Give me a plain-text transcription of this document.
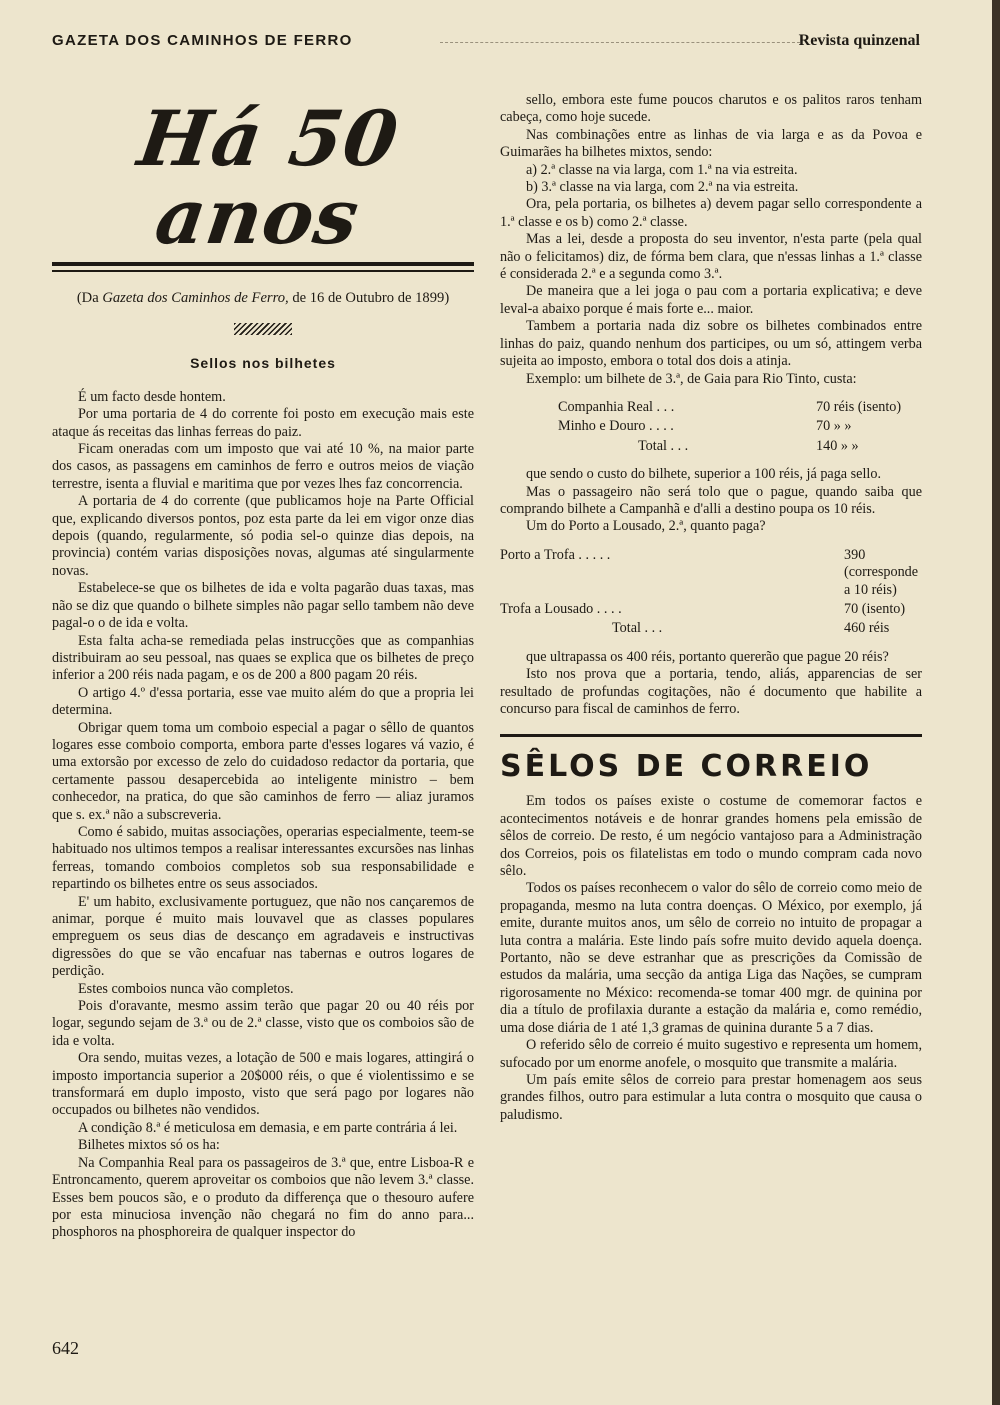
GAZETA DOS CAMINHOS DE FERRO	Revista quinzenal
Há 50 anos
(Da Gazeta dos Caminhos de Ferro, de 16 de Outubro de 1899)
Sellos nos bilhetes

É um facto desde hontem.

Por uma portaria de 4 do corrente foi posto em execução mais este ataque ás receitas das linhas ferreas do paiz.

Ficam oneradas com um imposto que vai até 10 %, na maior parte dos casos, as passagens em caminhos de ferro e outros meios de viação terrestre, isenta a fluvial e maritima que por vezes lhes faz concorrencia.

A portaria de 4 do corrente (que publicamos hoje na Parte Official que, explicando diversos pontos, poz esta parte da lei em vigor onze dias depois (quando, regularmente, só podia sel-o quinze dias depois, na provincia) contém varias disposições novas, algumas até singularmente novas.

Estabelece-se que os bilhetes de ida e volta pagarão duas taxas, mas não se diz que quando o bilhete simples não pagar sello tambem não deve pagal-o o de ida e volta.

Esta falta acha-se remediada pelas instrucções que as companhias distribuiram ao seu pessoal, nas quaes se explica que os bilhetes de preço inferior a 200 réis nada pagam, e os de 200 a 800 pagam 20 réis.

O artigo 4.º d'essa portaria, esse vae muito além do que a propria lei determina.

Obrigar quem toma um comboio especial a pagar o sêllo de quantos logares esse comboio comporta, embora parte d'esses logares vá vazio, é uma extorsão por excesso de zelo do cuidadoso redactor da portaria, que certamente passou desapercebida ao inteligente ministro – bem conhecedor, na pratica, do que são caminhos de ferro — aliaz juramos que s. ex.ª não a subscreveria.

Como é sabido, muitas associações, operarias especialmente, teem-se habituado nos ultimos tempos a realisar interessantes excursões nas linhas ferreas, tomando comboios completos sob sua responsabilidade e repartindo os bilhetes entre os seus associados.

E' um habito, exclusivamente portuguez, que não nos cançaremos de animar, porque é muito mais louvavel que as classes populares empreguem os seus dias de descanço em agradaveis e instructivas digressões do que se vão encafuar nas tabernas e outros logares de perdição.

Estes comboios nunca vão completos.

Pois d'oravante, mesmo assim terão que pagar 20 ou 40 réis por logar, segundo sejam de 3.ª ou de 2.ª classe, visto que os comboios são de ida e volta.

Ora sendo, muitas vezes, a lotação de 500 e mais logares, attingirá o imposto importancia superior a 20$000 réis, o que é violentissimo e se transformará em duplo imposto, visto que será pago por logares não occupados ou bilhetes não vendidos.

A condição 8.ª é meticulosa em demasia, e em parte contrária á lei.

Bilhetes mixtos só os ha:

Na Companhia Real para os passageiros de 3.ª que, entre Lisboa-R e Entroncamento, querem aproveitar os comboios que não levem 3.ª classe. Esses bem poucos são, e o produto da differença que o thesouro aufere por esta minuciosa invenção não chegará no fim do anno para... phosphoros na phosphoreira de qualquer inspector do

sello, embora este fume poucos charutos e os palitos raros tenham cabeça, como hoje sucede.

Nas combinações entre as linhas de via larga e as da Povoa e Guimarães ha bilhetes mixtos, sendo:

a) 2.ª classe na via larga, com 1.ª na via estreita.

b) 3.ª classe na via larga, com 2.ª na via estreita.

Ora, pela portaria, os bilhetes a) devem pagar sello correspondente a 1.ª classe e os b) como 2.ª classe.

Mas a lei, desde a proposta do seu inventor, n'esta parte (pela qual não o felicitamos) diz, de fórma bem clara, que n'essas linhas a 1.ª classe é considerada 2.ª e a segunda como 3.ª.

De maneira que a lei joga o pau com a portaria explicativa; e deve leval-a abaixo porque é mais forte e... maior.

Tambem a portaria nada diz sobre os bilhetes combinados entre linhas do paiz, quando nenhum dos participes, ou um só, attingem verba sujeita ao imposto, embora o total dos dois a atinja.

Exemplo: um bilhete de 3.ª, de Gaia para Rio Tinto, custa:

Companhia Real . . .	70 réis (isento)
Minho e Douro . . . .	70 » »
Total . . .	140 » »

que sendo o custo do bilhete, superior a 100 réis, já paga sello.

Mas o passageiro não será tolo que o pague, quando saiba que comprando bilhete a Campanhã e d'alli a destino poupa os 10 réis.

Um do Porto a Lousado, 2.ª, quanto paga?

Porto a Trofa . . . . .	390 (corresponde a 10 réis)
Trofa a Lousado . . . .	70 (isento)
Total . . .	460 réis

que ultrapassa os 400 réis, portanto quererão que pague 20 réis?

Isto nos prova que a portaria, tendo, aliás, apparencias de ser resultado de profundas cogitações, não é documento que habilite a concurso para fiscal de caminhos de ferro.

SÊLOS DE CORREIO

Em todos os países existe o costume de comemorar factos e acontecimentos notáveis e de honrar grandes homens pela emissão de sêlos de correio. De resto, é um negócio vantajoso para a Administração dos Correios, pois os filatelistas em todo o mundo compram cada novo sêlo.

Todos os países reconhecem o valor do sêlo de correio como meio de propaganda, mesmo na luta contra doenças. O México, por exemplo, já emite, durante muitos anos, um sêlo de correio no intuito de propagar a luta contra a malária. Este lindo país sofre muito devido aquela doença. Portanto, não se deve estranhar que as prescrições da Comissão de estudos da malária, uma secção da antiga Liga das Nações, se cumpram rigorosamente no México: recomenda-se tomar 400 mgr. de quinina por dia a título de profilaxia durante a estação da malária e, como remédio, uma dose diária de 1 até 1,3 gramas de quinina durante 5 a 7 dias.

O referido sêlo de correio é muito sugestivo e representa um homem, sufocado por um enorme anofele, o mosquito que transmite a malária.

Um país emite sêlos de correio para prestar homenagem aos seus grandes filhos, outro para estimular a luta contra o mosquito que causa o paludismo.

642
